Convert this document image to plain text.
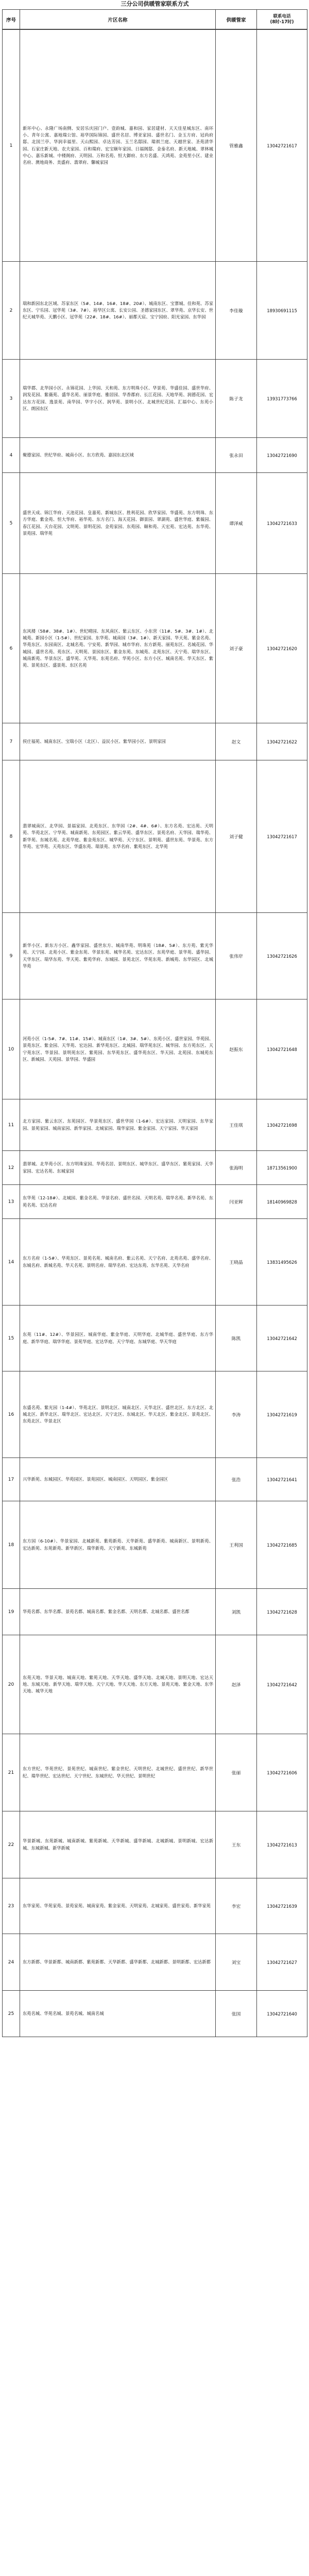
三分公司供暖管家联系方式
序号	片区名称	供暖管家	联系电话
(8时-17时)
1	新环中心、永隆广场南侧、安居乐庆园门户、壹韵城、嘉和园、家居建材、天天佳星城东区、南环小、青年公寓、嘉地瑞公馆、裕华国际锦园、盛世名居、博亚家园、盛世名门、金玉方府、冠尚府邸、北国兰亭、华润幸福里、天山熙园、卓达芳园、玉兰名邸园、瑞祺兰庭、天越世家、圣苑清华园、石家庄新天地、农夫家园、百和瑞府、宏宝颐年家园、日福阁邸、金泰名府、新天地城、翠林城中心、嘉乐新城、中楼阁府、天明园、万和名苑、恒大御府、东方名盛、天鸿苑、金苑里小区、建业名府、澳地商务、美盛府、翡翠府、馨城家园	管雅鑫	13042721617
2	瑞和新园东北区域、苏家东区（5#、14#、16#、18#、20#）、城南东区、宝寨城、佳和苑、苏家东区、宁乐园、冠华苑（3#、7#）、裕华区公寓、长安公园、圣德家园东区、翠华苑、京华长安、世纪天城华苑、天鹏小区、冠华苑（22#、18#、16#）、丽都天宸、宝宁园府、阳光家园、东华园	李佳璇	18930691115
3	瑞华郡、北华园小区、永锦花园、上华园、天和苑、东方明珠小区、华景苑、华盛佳园、盛世华府、润发花园、紫薇苑、盛华名苑、丽景华庭、雅居园、华香郡府、长江花园、天地华苑、润德花园、宏达东方花园、逸景苑、南华园、华宇小区、润华苑、景明小区、北城世纪花园、汇福中心、东苑小区、朗园东区	陈子龙	13931773766
4	聚德家园、世纪华府、城南小区、东方欣苑、嘉园东北区域	张永田	13042721690
5	盛世天成、锦江华府、天池花园、皇嘉苑、新城东区、胜利花园、欣华家园、华盛苑、东方明珠、东方华庭、紫金苑、恒大华府、裕华苑、东方名门、海天花园、御景园、翠湖苑、盛世华庭、紫薇园、春江花园、天台花园、文明苑、景明花园、金苑家园、东苑园、颐和苑、天宏苑、宏达苑、东华苑、景苑园、瑞华苑	谭泽威	13042721633
6	东风楼（58#、38#、1#）、世纪晴园、东风南区、紫云东区、小东营（11#、5#、3#、1#）、北城苑、新园小区（1-5#）、世纪家园、东华苑、城南园（3#、1#）、新天家园、华天苑、紫金名苑、华苑东区、东园南区、北城名苑、宁安苑、新华园、城市华府、东方新苑、丽苑东区、名城花园、华城园、盛世名苑、苑东区、天明苑、景园东区、紫金东苑、东城苑、北苑东区、天宁苑、瑞华东区、城南新苑、华景东区、盛华苑、天华苑、东苑名府、华苑小区、东方小区、城南名苑、华天东区、紫苑、景苑东区、盛景苑、东区名苑	刘子豪	13042721620
7	侯庄福苑、城南东区、宝瑞小区（北区）、益民小区、紫华园小区、景明家园	赵文	13042721622
8	翡翠城南区、北华园、景福家园、北苑东区、东华园（2#、4#、6#）、东方名苑、宏达苑、天明苑、华苑北区、宁华苑、城南新苑、东苑园区、紫云华苑、盛华东区、景苑名府、天华园、瑞华苑、新华苑、东城名苑、北苑华庭、紫金苑东区、城华苑、天宁东区、景明苑、盛世东苑、华景苑、东方华苑、宏华苑、天苑东区、华盛东苑、瑞景苑、东华名府、紫苑东区、北华苑	刘子健	13042721617
9	新华小区、新东方小区、鑫华家园、盛世东方、城南华苑、明珠苑（18#、5#）、东方苑、紫光华苑、天宁园、北苑小区、紫金东苑、华景东苑、城华名苑、宏达东区、东苑华庭、景华苑、盛华园、天华东区、瑞华东苑、华天苑、紫苑华府、东城园、景苑北区、华苑东苑、新城苑、东华园区、北城华苑	张伟岸	13042721626
10	河苑小区（1-5#、7#、11#、15#）、城南东区（1#、3#、5#）、东苑小区、盛世家园、华苑园、景苑东区、紫金园、天华苑、宏达园、新华苑东区、北城园、瑞华苑东区、城华园、东方苑东区、天宁苑东区、华景园、景明苑东区、紫苑园、东华苑东区、盛华苑东区、华天园、北苑园、东城苑东区、新城园、天苑园、景华园、华盛园	赵振东	13042721648
11	北方家园、紫云东区、东苑园区、华景苑东区、盛世华园（1-6#）、宏达家园、天明家园、东华家园、景苑家园、城南家园、新华家园、北城家园、瑞华家园、紫金家园、天宁家园、华天家园	王佳琪	13042721698
12	翡翠城、北华苑小区、东方明珠家园、华苑名居、景明东区、城华东区、盛华东区、紫苑家园、天华家园、宏达名苑、东城家园	张海明	18713561900
13	东华苑（12-18#）、北城园、紫金名苑、华景名府、盛世名园、天明名苑、瑞华名苑、新华名苑、东苑名苑、宏达名府	闫亚辉	18140969828
14	东方名府（1-5#）、华苑东区、景苑名苑、城南名府、紫云名苑、天宁名府、北苑名苑、盛华名府、东城名府、新城名苑、华天名苑、景明名府、瑞华名府、宏达东苑、东华名苑、天华名府	王晓晶	13831495626
15	东苑（11#、12#）、华景园区、城南华庭、紫金华庭、天明华庭、北城华庭、盛世华庭、东方华庭、新华华庭、瑞华华庭、景苑华庭、宏达华庭、天宁华庭、东城华庭、华天华庭	陈凯	13042721642
16	东盛名苑、紫光园（1-4#）、华苑北区、景明北区、城南北区、天华北区、盛世北区、东方北区、北城北区、新华北区、瑞华北区、宏达北区、天宁北区、东城北区、华天北区、紫金北区、景苑北区、东苑北区、华景北区	李涛	13042721619
17	兴华新苑、东城园区、华苑园区、景苑园区、城南园区、天明园区、紫金园区	张浩	13042721641
18	东方园（6-10#）、华景家园、北城新苑、紫苑新苑、天华新苑、盛华新苑、城南新区、景明新苑、宏达新苑、东苑新苑、新华新区、瑞华新苑、天宁新苑、东城新苑	王利国	13042721685
19	华苑名都、东华名都、景苑名都、城南名都、紫金名都、天明名都、北城名都、盛世名都	刘凯	13042721628
20	东苑天地、华景天地、城南天地、紫苑天地、天华天地、盛华天地、北城天地、景明天地、宏达天地、东城天地、新华天地、瑞华天地、天宁天地、华天天地、东方天地、景苑天地、紫金天地、东华天地、城华天地	赵泽	13042721642
21	东方世纪、华苑世纪、景苑世纪、城南世纪、紫金世纪、天明世纪、北城世纪、盛世世纪、新华世纪、瑞华世纪、宏达世纪、天宁世纪、东城世纪、华天世纪、景明世纪	张丽	13042721606
22	华景新城、东苑新城、城南新城、紫苑新城、天华新城、盛华新城、北城新城、景明新城、宏达新城、东城新城、新华新城	王东	13042721613
23	东华家苑、华苑家苑、景苑家苑、城南家苑、紫金家苑、天明家苑、北城家苑、盛世家苑、新华家苑	李宏	13042721639
24	东方新都、华景新都、城南新都、紫苑新都、天华新都、盛华新都、北城新都、景明新都、宏达新都	刘宝	13042721627
25	东苑名城、华苑名城、景苑名城、城南名城	张国	13042721640
